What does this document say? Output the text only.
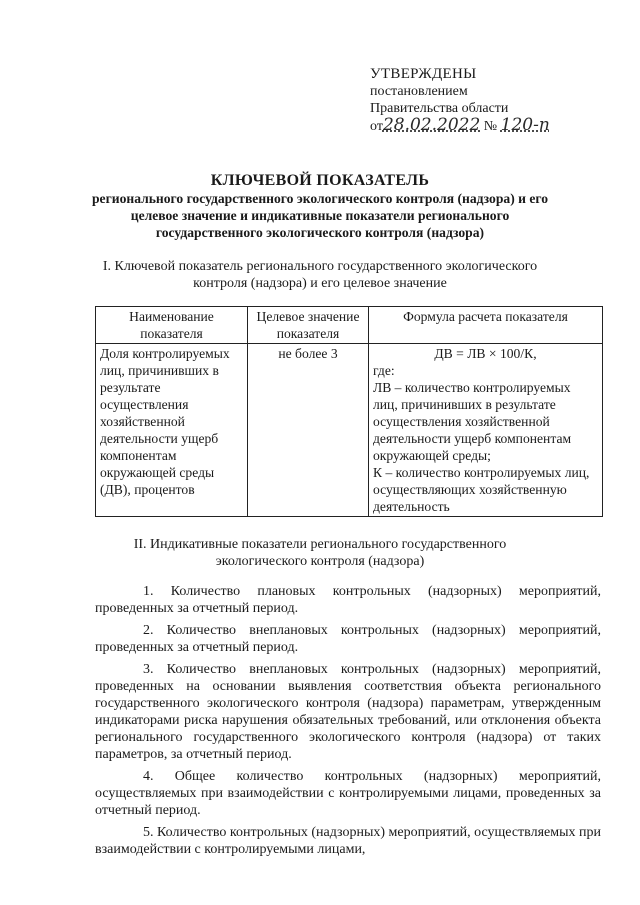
УТВЕРЖДЕНЫ
постановлением
Правительства области
от28.02.2022 № 120-п
КЛЮЧЕВОЙ ПОКАЗАТЕЛЬ
регионального государственного экологического контроля (надзора) и его целевое значение и индикативные показатели регионального государственного экологического контроля (надзора)
I. Ключевой показатель регионального государственного экологического контроля (надзора) и его целевое значение
Наименование показателя	Целевое значение показателя	Формула расчета показателя
Доля контролируемых лиц, причинивших в результате осуществления хозяйственной деятельности ущерб компонентам окружающей среды (ДВ), процентов	не более 3	ДВ = ЛВ × 100/К,
где:
ЛВ – количество контролируемых лиц, причинивших в результате осуществления хозяйственной деятельности ущерб компонентам окружающей среды;
К – количество контролируемых лиц, осуществляющих хозяйственную деятельность
II. Индикативные показатели регионального государственного экологического контроля (надзора)

1. Количество плановых контрольных (надзорных) мероприятий, проведенных за отчетный период.

2. Количество внеплановых контрольных (надзорных) мероприятий, проведенных за отчетный период.

3. Количество внеплановых контрольных (надзорных) мероприятий, проведенных на основании выявления соответствия объекта регионального государственного экологического контроля (надзора) параметрам, утвержденным индикаторами риска нарушения обязательных требований, или отклонения объекта регионального государственного экологического контроля (надзора) от таких параметров, за отчетный период.

4. Общее количество контрольных (надзорных) мероприятий, осуществляемых при взаимодействии с контролируемыми лицами, проведенных за отчетный период.

5. Количество контрольных (надзорных) мероприятий, осуществляемых при взаимодействии с контролируемыми лицами,
